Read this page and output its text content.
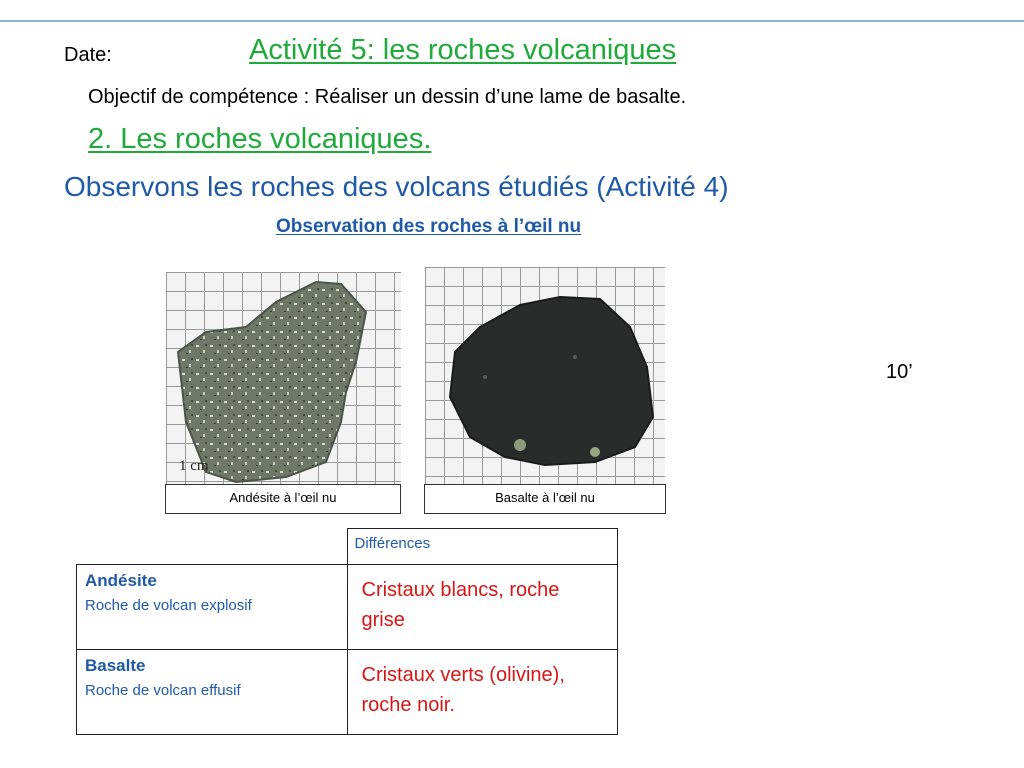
Date:	Activité 5: les roches volcaniques
Objectif de compétence : Réaliser un dessin d’une lame de basalte.
2. Les roches volcaniques.
Observons les roches des volcans étudiés (Activité 4)
Observation des roches à l’œil nu
10’
1 cm
Andésite à l’œil nu	Basalte à l’œil nu
	Différences

Andésite
Roche de volcan explosif	Cristaux blancs, roche grise

Basalte
Roche de volcan effusif	Cristaux verts (olivine), roche noir.
